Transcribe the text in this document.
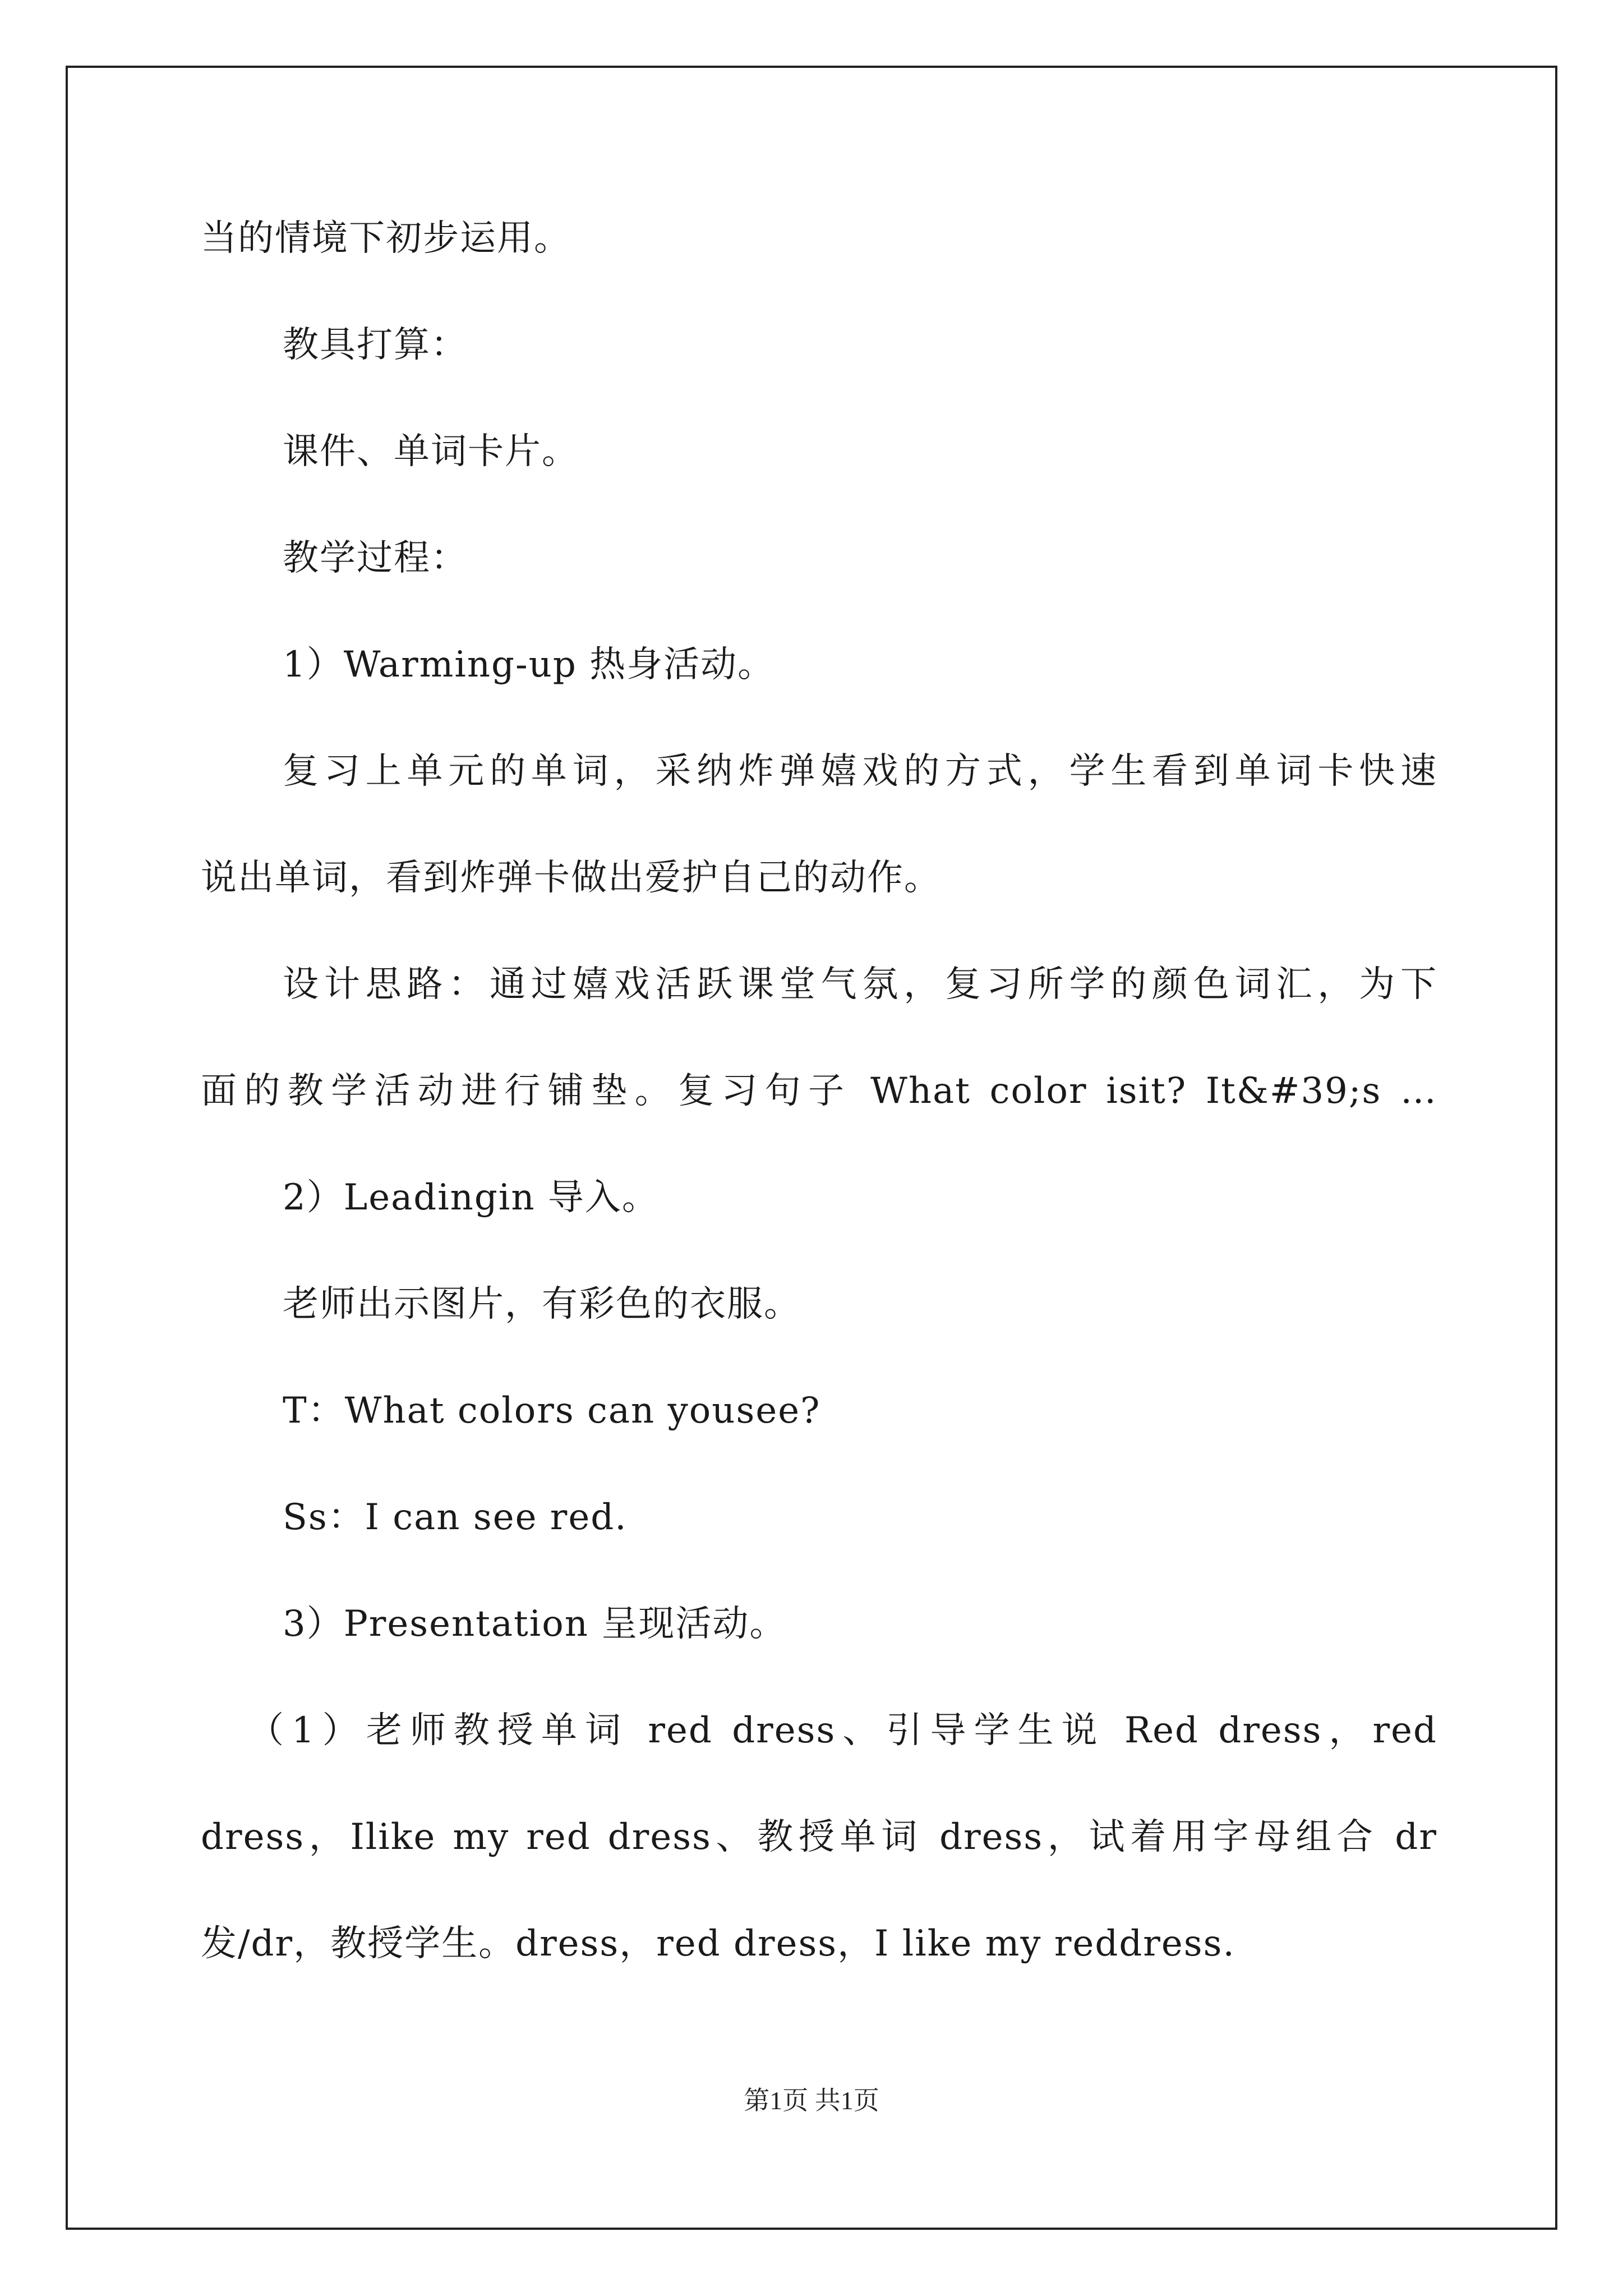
当的情境下初步运用。
教具打算：
课件、单词卡片。
教学过程：
1）Warming-up 热身活动。
复习上单元的单词，采纳炸弹嬉戏的方式，学生看到单词卡快速
说出单词，看到炸弹卡做出爱护自己的动作。
设计思路：通过嬉戏活跃课堂气氛，复习所学的颜色词汇，为下
面的教学活动进行铺垫。复习句子 What color isit? It&#39;s …
2）Leadingin 导入。
老师出示图片，有彩色的衣服。
T：What colors can yousee?
Ss：I can see red.
3）Presentation 呈现活动。
（1）老师教授单词 red dress、引导学生说 Red dress，red
dress，Ilike my red dress、教授单词 dress，试着用字母组合 dr
发/dr，教授学生。dress，red dress，I like my reddress.
第1页 共1页
